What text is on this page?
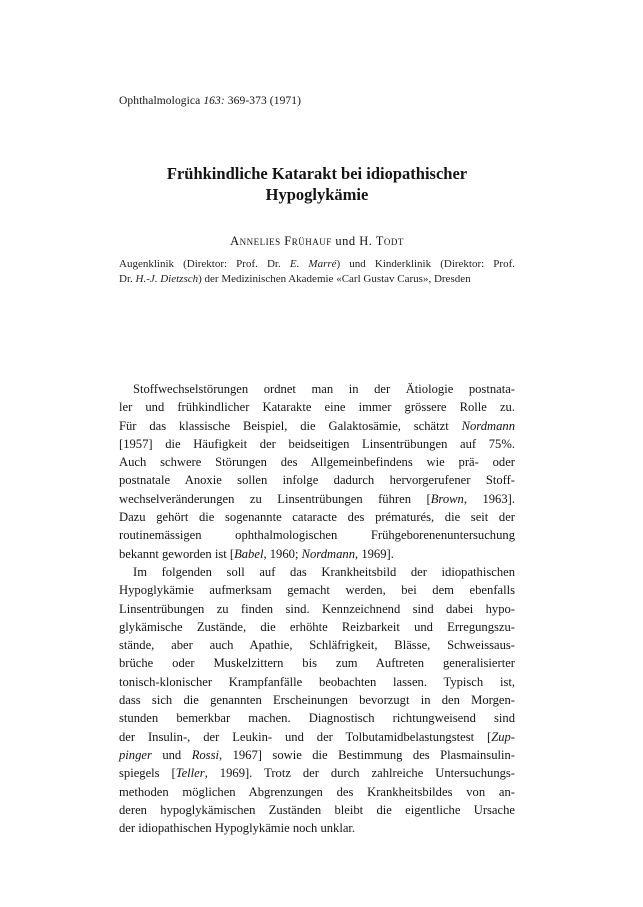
Ophthalmologica 163: 369-373 (1971)
Frühkindliche Katarakt bei idiopathischer
Hypoglykämie
Annelies Frühauf und H. Todt
Augenklinik (Direktor: Prof. Dr. E. Marré) und Kinderklinik (Direktor: Prof.
Dr. H.-J. Dietzsch) der Medizinischen Akademie «Carl Gustav Carus», Dresden
Stoffwechselstörungen ordnet man in der Ätiologie postnata-
ler und frühkindlicher Katarakte eine immer grössere Rolle zu.
Für das klassische Beispiel, die Galaktosämie, schätzt Nordmann
[1957] die Häufigkeit der beidseitigen Linsentrübungen auf 75%.
Auch schwere Störungen des Allgemeinbefindens wie prä- oder
postnatale Anoxie sollen infolge dadurch hervorgerufener Stoff-
wechselveränderungen zu Linsentrübungen führen [Brown, 1963].
Dazu gehört die sogenannte cataracte des prématurés, die seit der
routinemässigen ophthalmologischen Frühgeborenenuntersuchung
bekannt geworden ist [Babel, 1960; Nordmann, 1969].
Im folgenden soll auf das Krankheitsbild der idiopathischen
Hypoglykämie aufmerksam gemacht werden, bei dem ebenfalls
Linsentrübungen zu finden sind. Kennzeichnend sind dabei hypo-
glykämische Zustände, die erhöhte Reizbarkeit und Erregungszu-
stände, aber auch Apathie, Schläfrigkeit, Blässe, Schweissaus-
brüche oder Muskelzittern bis zum Auftreten generalisierter
tonisch-klonischer Krampfanfälle beobachten lassen. Typisch ist,
dass sich die genannten Erscheinungen bevorzugt in den Morgen-
stunden bemerkbar machen. Diagnostisch richtungweisend sind
der Insulin-, der Leukin- und der Tolbutamidbelastungstest [Zup-
pinger und Rossi, 1967] sowie die Bestimmung des Plasmainsulin-
spiegels [Teller, 1969]. Trotz der durch zahlreiche Untersuchungs-
methoden möglichen Abgrenzungen des Krankheitsbildes von an-
deren hypoglykämischen Zuständen bleibt die eigentliche Ursache
der idiopathischen Hypoglykämie noch unklar.
